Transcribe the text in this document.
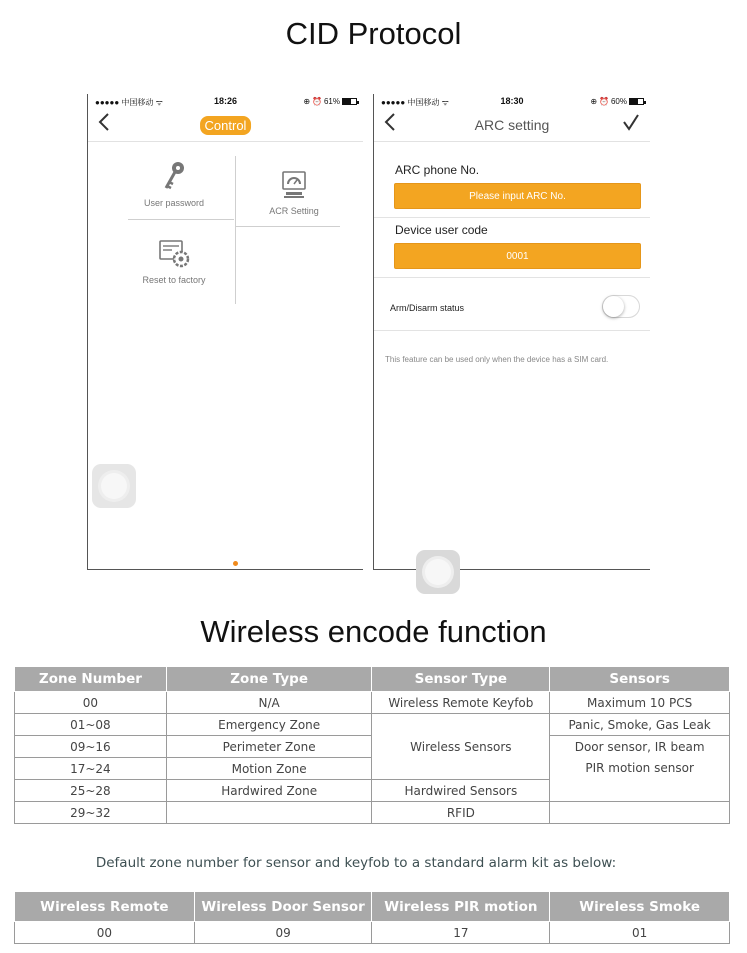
CID Protocol
●●●●● 中国移动 ᯤ	18:26	⊕ ⏰ 61%
Control
User password
ACR Setting
Reset to factory
●●●●● 中国移动 ᯤ	18:30	⊕ ⏰ 60%
ARC setting
ARC phone No.
Please input ARC No.
Device user code
0001
Arm/Disarm status
This feature can be used only when the device has a SIM card.
Wireless encode function
Zone Number	Zone Type	Sensor Type	Sensors
00	N/A	Wireless Remote Keyfob	Maximum 10 PCS
01~08	Emergency Zone	Wireless Sensors	Panic, Smoke, Gas Leak
09~16	Perimeter Zone		Door sensor, IR beam
17~24	Motion Zone		PIR motion sensor
25~28	Hardwired Zone	Hardwired Sensors	
29~32		RFID	
Default zone number for sensor and keyfob to a standard alarm kit as below:
Wireless Remote	Wireless Door Sensor	Wireless PIR motion	Wireless Smoke
00	09	17	01
